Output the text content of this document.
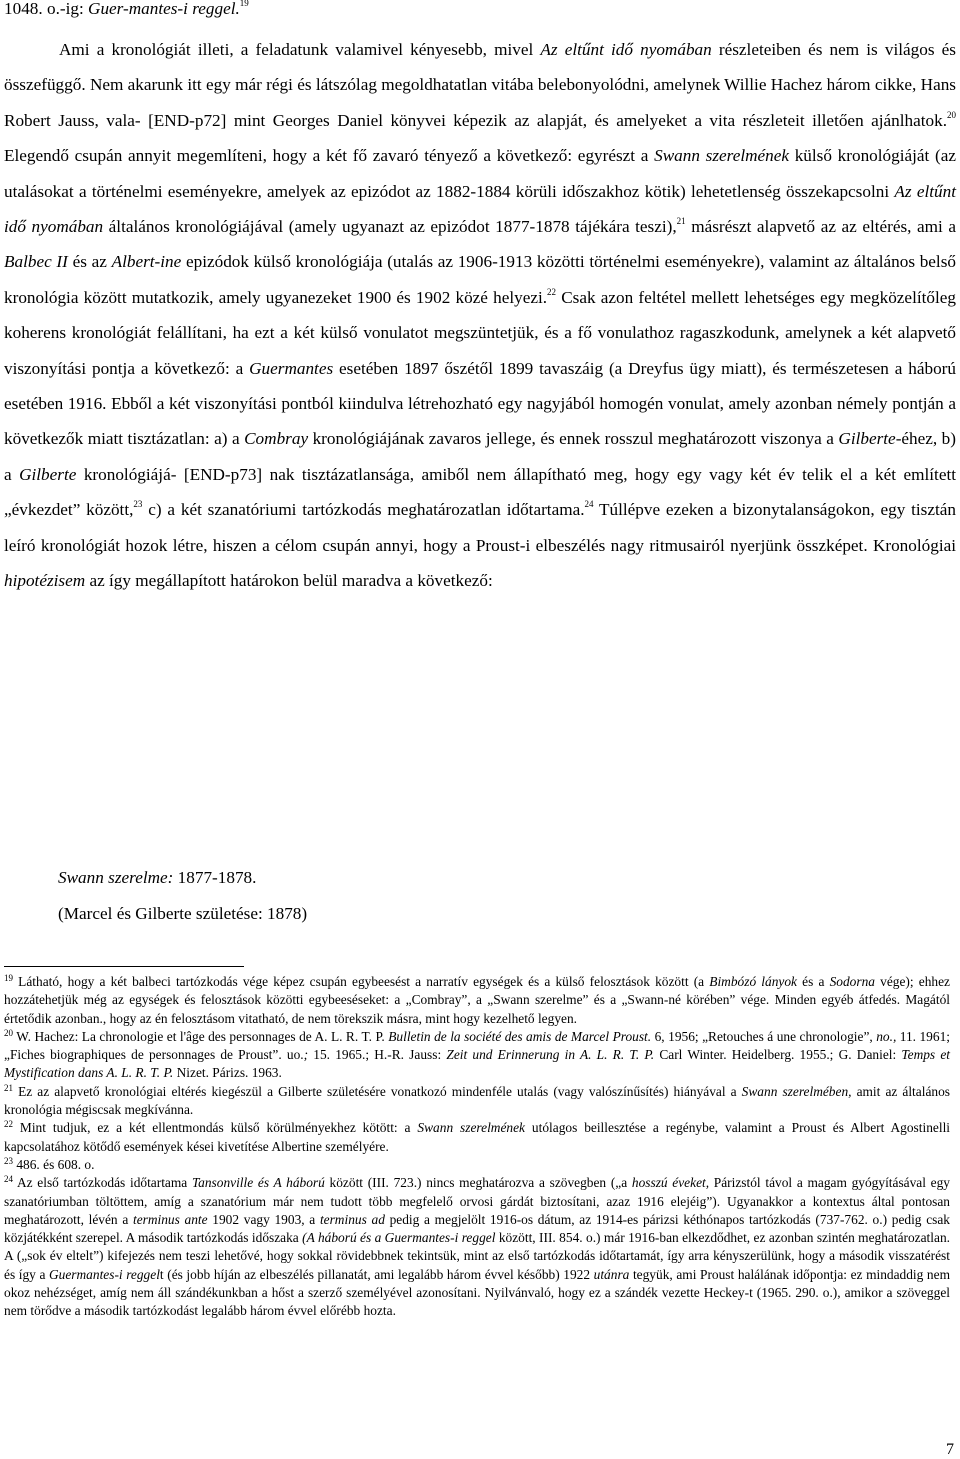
1048. o.-ig: Guer-mantes-i reggel.$^{19}$

Ami a kronológiát illeti, a feladatunk valamivel kényesebb, mivel Az eltűnt idő nyomában részleteiben és nem is világos és összefüggő. Nem akarunk itt egy már régi és látszólag megoldhatatlan vitába belebonyolódni, amelynek Willie Hachez három cikke, Hans Robert Jauss, vala- [END-p72] mint Georges Daniel könyvei képezik az alapját, és amelyeket a vita részleteit illetően ajánlhatok.$^{20}$ Elegendő csupán annyit megemlíteni, hogy a két fő zavaró tényező a következő: egyrészt a Swann szerelmének külső kronológiáját (az utalásokat a történelmi eseményekre, amelyek az epizódot az 1882-1884 körüli időszakhoz kötik) lehetetlenség összekapcsolni Az eltűnt idő nyomában általános kronológiájával (amely ugyanazt az epizódot 1877-1878 tájékára teszi),$^{21}$ másrészt alapvető az az eltérés, ami a Balbec II és az Albert-ine epizódok külső kronológiája (utalás az 1906-1913 közötti történelmi eseményekre), valamint az általános belső kronológia között mutatkozik, amely ugyanezeket 1900 és 1902 közé helyezi.$^{22}$ Csak azon feltétel mellett lehetséges egy megközelítőleg koherens kronológiát felállítani, ha ezt a két külső vonulatot megszüntetjük, és a fő vonulathoz ragaszkodunk, amelynek a két alapvető viszonyítási pontja a következő: a Guermantes esetében 1897 őszétől 1899 tavaszáig (a Dreyfus ügy miatt), és természetesen a háború esetében 1916. Ebből a két viszonyítási pontból kiindulva létrehozható egy nagyjából homogén vonulat, amely azonban némely pontján a következők miatt tisztázatlan: a) a Combray kronológiájának zavaros jellege, és ennek rosszul meghatározott viszonya a Gilberte-éhez, b) a Gilberte kronológiájá- [END-p73] nak tisztázatlansága, amiből nem állapítható meg, hogy egy vagy két év telik el a két említett „évkezdet” között,$^{23}$ c) a két szanatóriumi tartózkodás meghatározatlan időtartama.$^{24}$ Túllépve ezeken a bizonytalanságokon, egy tisztán leíró kronológiát hozok létre, hiszen a célom csupán annyi, hogy a Proust-i elbeszélés nagy ritmusairól nyerjünk összképet. Kronológiai hipotézisem az így megállapított határokon belül maradva a következő:

Swann szerelme: 1877-1878.
(Marcel és Gilberte születése: 1878)

$^{19}$ Látható, hogy a két balbeci tartózkodás vége képez csupán egybeesést a narratív egységek és a külső felosztások között (a Bimbózó lányok és a Sodorna vége); ehhez hozzátehetjük még az egységek és felosztások közötti egybeeséseket: a „Combray”, a „Swann szerelme” és a „Swann-né körében” vége. Minden egyéb átfedés. Magától értetődik azonban., hogy az én felosztásom vitatható, de nem törekszik másra, mint hogy kezelhető legyen.

$^{20}$ W. Hachez: La chronologie et l'âge des personnages de A. L. R. T. P. Bulletin de la société des amis de Marcel Proust. 6, 1956; „Retouches á une chronologie”, no., 11. 1961; „Fiches biographiques de personnages de Proust”. uo.; 15. 1965.; H.-R. Jauss: Zeit und Erinnerung in A. L. R. T. P. Carl Winter. Heidelberg. 1955.; G. Daniel: Temps et Mystification dans A. L. R. T. P. Nizet. Párizs. 1963.

$^{21}$ Ez az alapvető kronológiai eltérés kiegészül a Gilberte születésére vonatkozó mindenféle utalás (vagy valószínűsítés) hiányával a Swann szerelmében, amit az általános kronológia mégiscsak megkívánna.

$^{22}$ Mint tudjuk, ez a két ellentmondás külső körülményekhez kötött: a Swann szerelmének utólagos beillesztése a regénybe, valamint a Proust és Albert Agostinelli kapcsolatához kötődő események kései kivetítése Albertine személyére.

$^{23}$ 486. és 608. o.

$^{24}$ Az első tartózkodás időtartama Tansonville és A háború között (III. 723.) nincs meghatározva a szövegben („a hosszú éveket, Párizstól távol a magam gyógyításával egy szanatóriumban töltöttem, amíg a szanatórium már nem tudott több megfelelő orvosi gárdát biztosítani, azaz 1916 elejéig”). Ugyanakkor a kontextus által pontosan meghatározott, lévén a terminus ante 1902 vagy 1903, a terminus ad pedig a megjelölt 1916-os dátum, az 1914-es párizsi kéthónapos tartózkodás (737-762. o.) pedig csak közjátékként szerepel. A második tartózkodás időszaka (A háború és a Guermantes-i reggel között, III. 854. o.) már 1916-ban elkezdődhet, ez azonban szintén meghatározatlan. A („sok év eltelt”) kifejezés nem teszi lehetővé, hogy sokkal rövidebbnek tekintsük, mint az első tartózkodás időtartamát, így arra kényszerülünk, hogy a második visszatérést és így a Guermantes-i reggelt (és jobb híján az elbeszélés pillanatát, ami legalább három évvel később) 1922 utánra tegyük, ami Proust halálának időpontja: ez mindaddig nem okoz nehézséget, amíg nem áll szándékunkban a hőst a szerző személyével azonosítani. Nyilvánvaló, hogy ez a szándék vezette Heckey-t (1965. 290. o.), amikor a szöveggel nem törődve a második tartózkodást legalább három évvel előrébb hozta.

7
